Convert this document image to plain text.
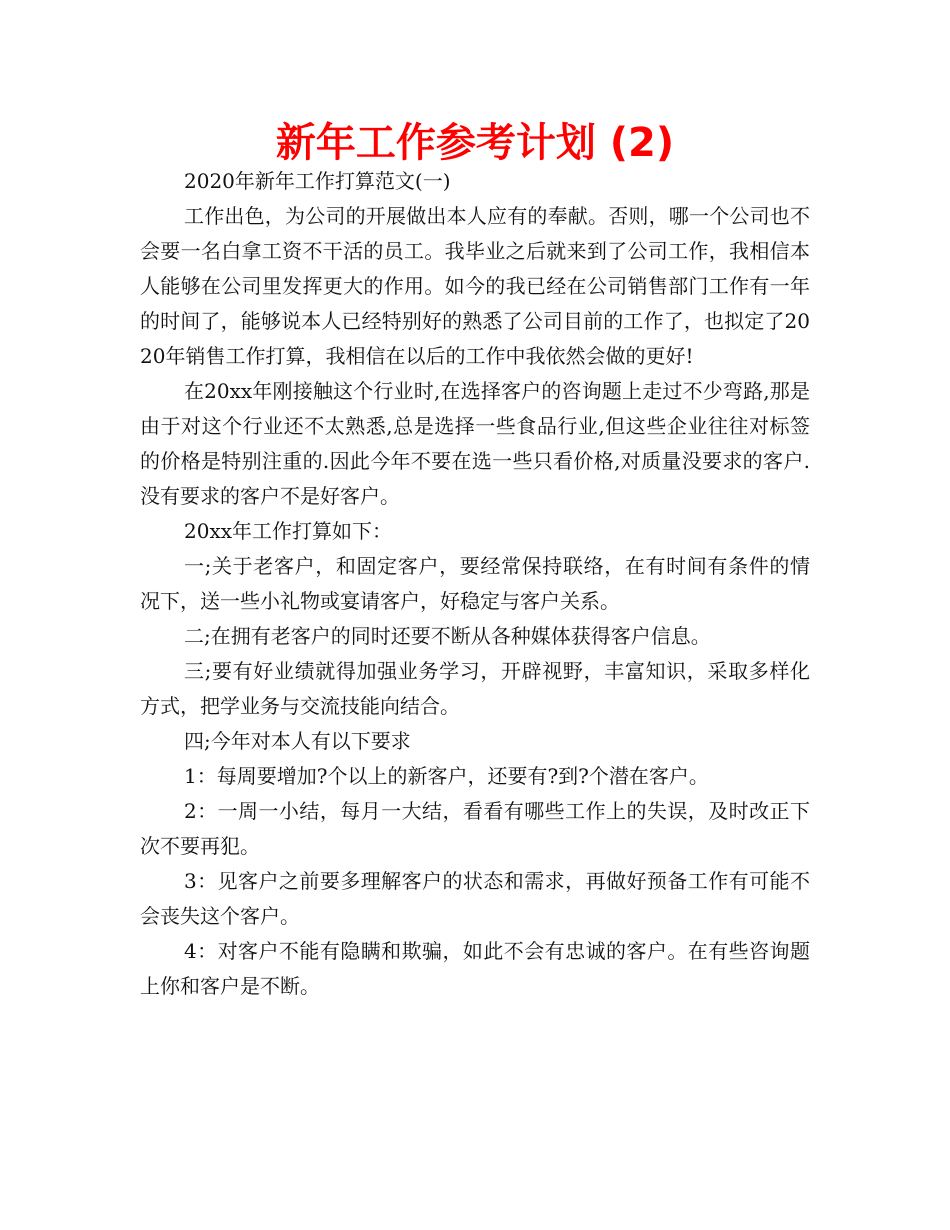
新年工作参考计划 (2)

2020年新年工作打算范文(一)

工作出色，为公司的开展做出本人应有的奉献。否则，哪一个公司也不会要一名白拿工资不干活的员工。我毕业之后就来到了公司工作，我相信本人能够在公司里发挥更大的作用。如今的我已经在公司销售部门工作有一年的时间了，能够说本人已经特别好的熟悉了公司目前的工作了，也拟定了2020年销售工作打算，我相信在以后的工作中我依然会做的更好!

在20xx年刚接触这个行业时,在选择客户的咨询题上走过不少弯路,那是由于对这个行业还不太熟悉,总是选择一些食品行业,但这些企业往往对标签的价格是特别注重的.因此今年不要在选一些只看价格,对质量没要求的客户.没有要求的客户不是好客户。

20xx年工作打算如下：

一;关于老客户，和固定客户，要经常保持联络，在有时间有条件的情况下，送一些小礼物或宴请客户，好稳定与客户关系。

二;在拥有老客户的同时还要不断从各种媒体获得客户信息。

三;要有好业绩就得加强业务学习，开辟视野，丰富知识，采取多样化方式，把学业务与交流技能向结合。

四;今年对本人有以下要求

1：每周要增加?个以上的新客户，还要有?到?个潜在客户。

2：一周一小结，每月一大结，看看有哪些工作上的失误，及时改正下次不要再犯。

3：见客户之前要多理解客户的状态和需求，再做好预备工作有可能不会丧失这个客户。

4：对客户不能有隐瞒和欺骗，如此不会有忠诚的客户。在有些咨询题上你和客户是不断。
